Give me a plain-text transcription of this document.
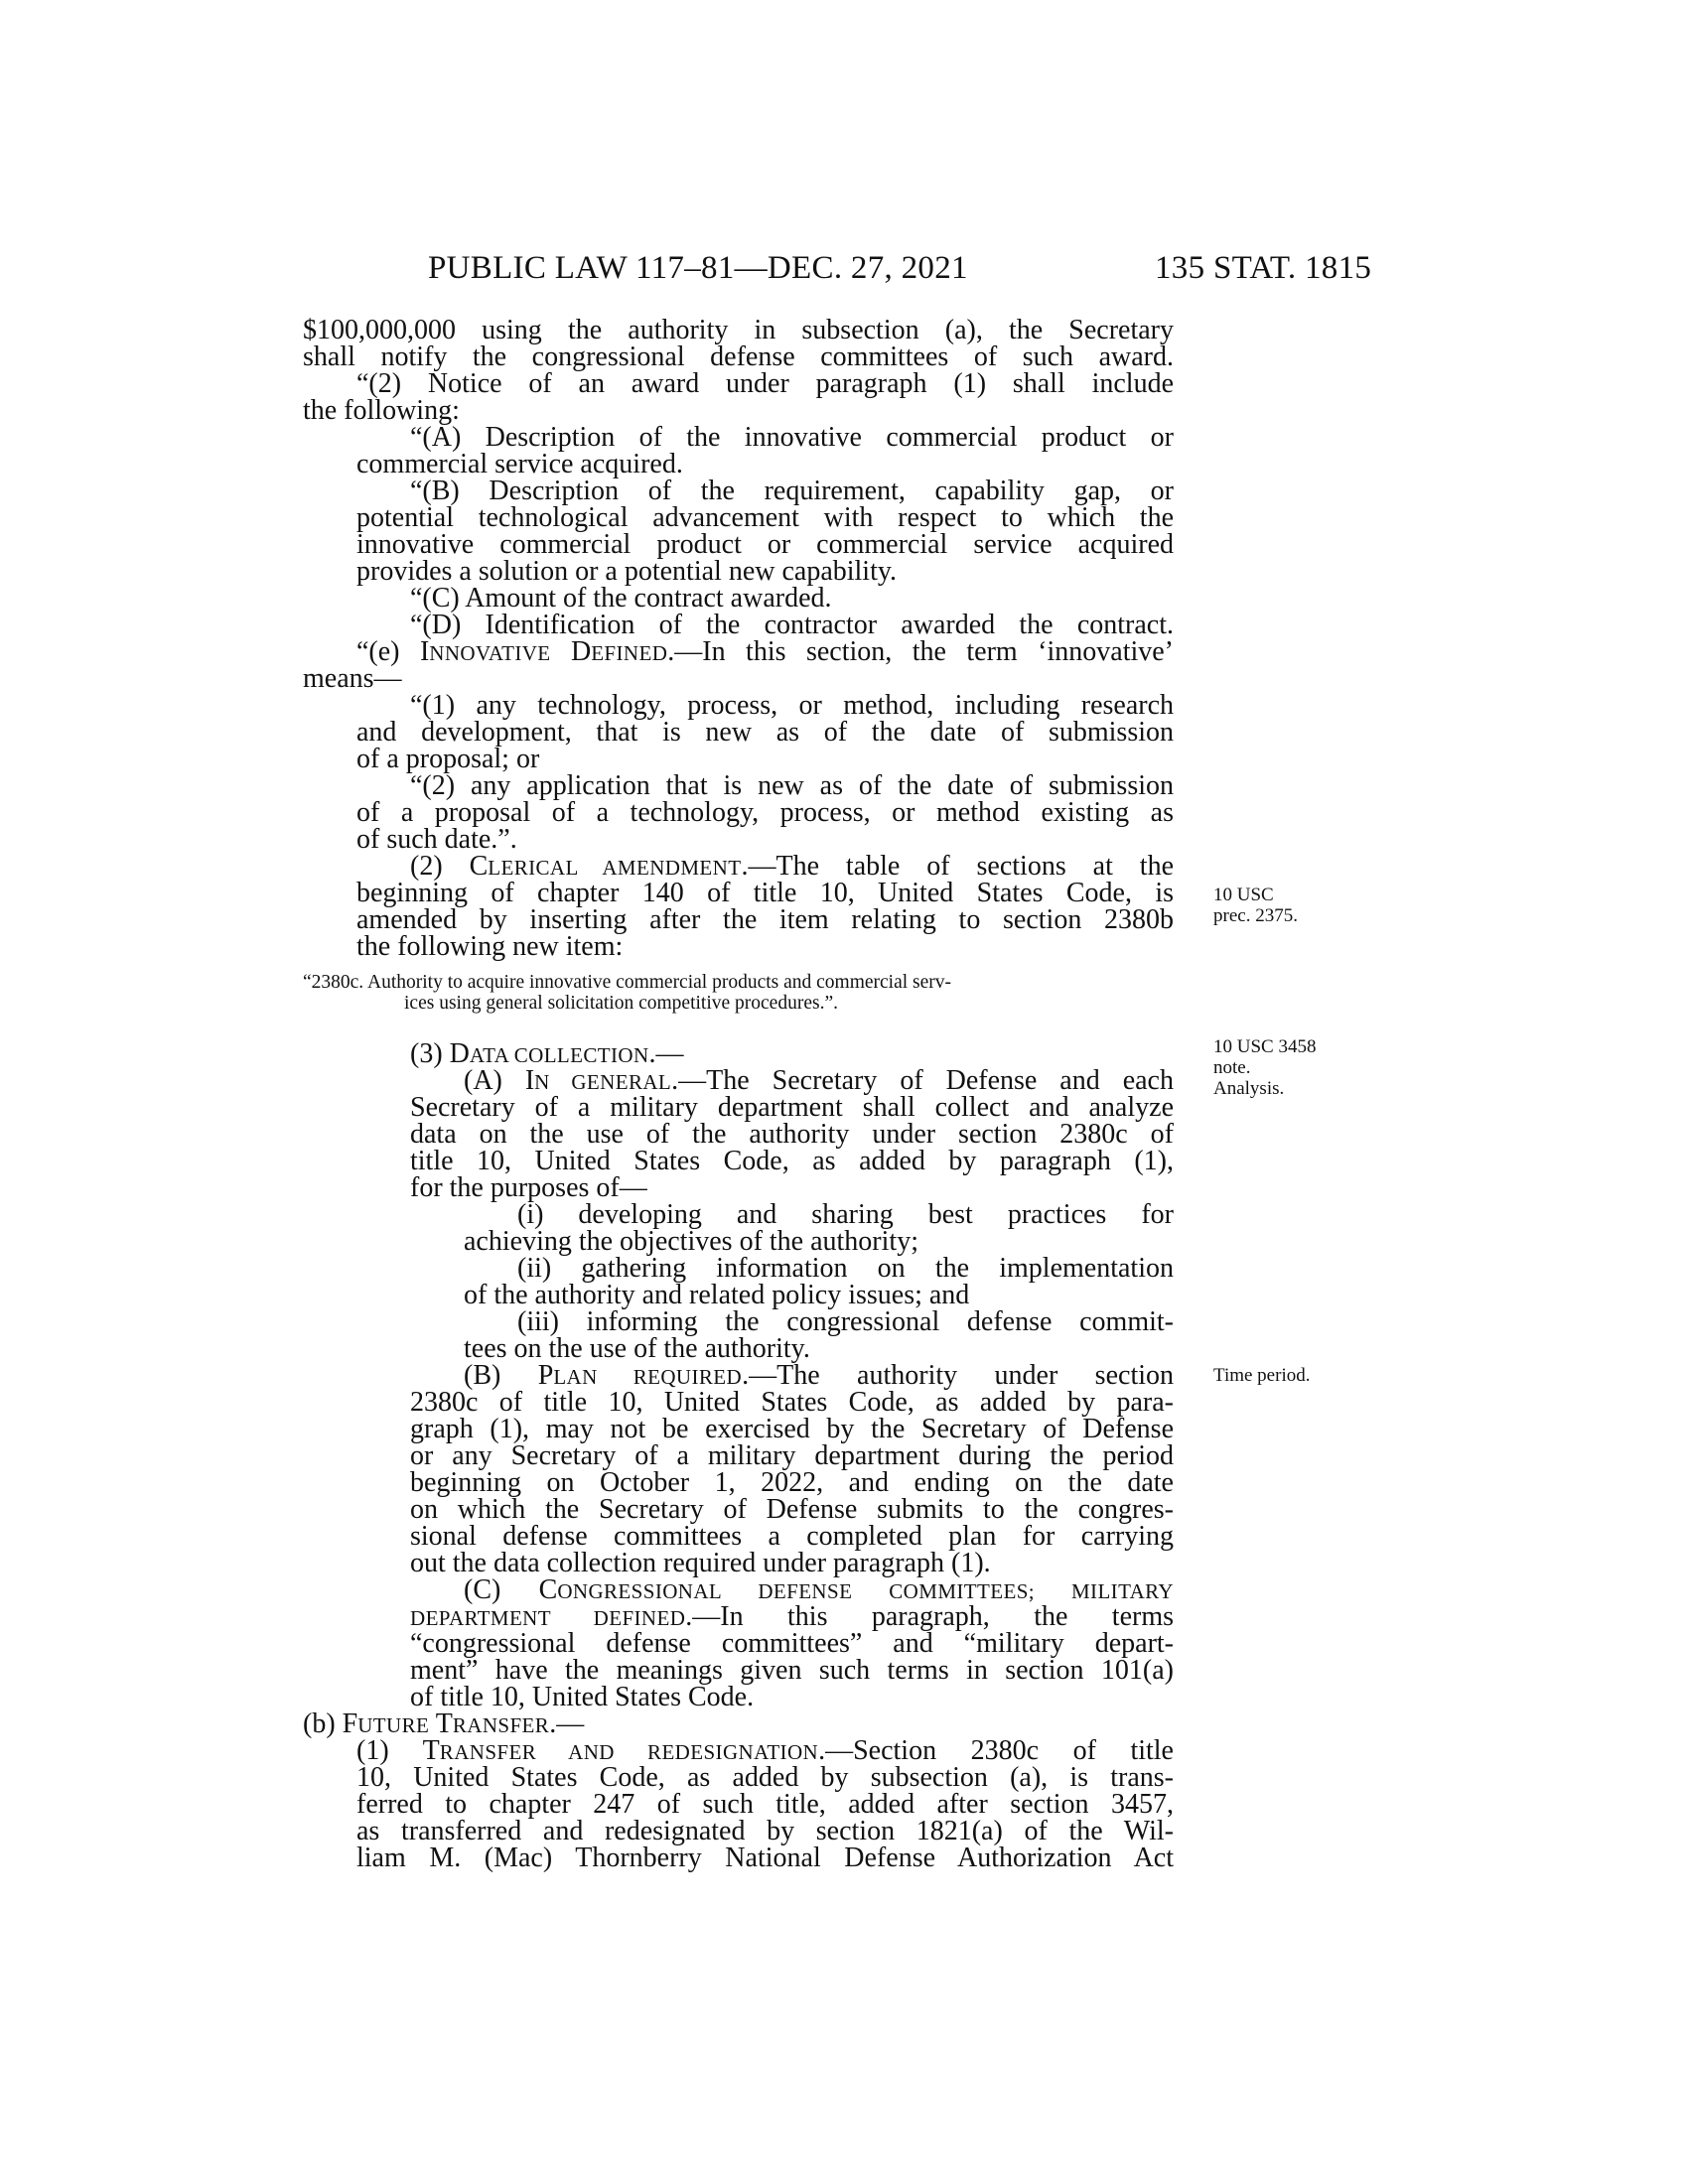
PUBLIC LAW 117–81—DEC. 27, 2021	135 STAT. 1815
$100,000,000 using the authority in subsection (a), the Secretary
shall notify the congressional defense committees of such award.
“(2) Notice of an award under paragraph (1) shall include
the following:
“(A) Description of the innovative commercial product or
commercial service acquired.
“(B) Description of the requirement, capability gap, or
potential technological advancement with respect to which the
innovative commercial product or commercial service acquired
provides a solution or a potential new capability.
“(C) Amount of the contract awarded.
“(D) Identification of the contractor awarded the contract.
“(e) INNOVATIVE DEFINED.—In this section, the term ‘innovative’
means—
“(1) any technology, process, or method, including research
and development, that is new as of the date of submission
of a proposal; or
“(2) any application that is new as of the date of submission
of a proposal of a technology, process, or method existing as
of such date.”.
(2) CLERICAL AMENDMENT.—The table of sections at the
beginning of chapter 140 of title 10, United States Code, is
amended by inserting after the item relating to section 2380b
the following new item:
“2380c. Authority to acquire innovative commercial products and commercial serv-
ices using general solicitation competitive procedures.”.
(3) DATA COLLECTION.—
(A) IN GENERAL.—The Secretary of Defense and each
Secretary of a military department shall collect and analyze
data on the use of the authority under section 2380c of
title 10, United States Code, as added by paragraph (1),
for the purposes of—
(i) developing and sharing best practices for
achieving the objectives of the authority;
(ii) gathering information on the implementation
of the authority and related policy issues; and
(iii) informing the congressional defense commit-
tees on the use of the authority.
(B) PLAN REQUIRED.—The authority under section
2380c of title 10, United States Code, as added by para-
graph (1), may not be exercised by the Secretary of Defense
or any Secretary of a military department during the period
beginning on October 1, 2022, and ending on the date
on which the Secretary of Defense submits to the congres-
sional defense committees a completed plan for carrying
out the data collection required under paragraph (1).
(C) CONGRESSIONAL DEFENSE COMMITTEES; MILITARY
DEPARTMENT DEFINED.—In this paragraph, the terms
“congressional defense committees” and “military depart-
ment” have the meanings given such terms in section 101(a)
of title 10, United States Code.
(b) FUTURE TRANSFER.—
(1) TRANSFER AND REDESIGNATION.—Section 2380c of title
10, United States Code, as added by subsection (a), is trans-
ferred to chapter 247 of such title, added after section 3457,
as transferred and redesignated by section 1821(a) of the Wil-
liam M. (Mac) Thornberry National Defense Authorization Act
10 USC
prec. 2375.
10 USC 3458
note.
Analysis.
Time period.
